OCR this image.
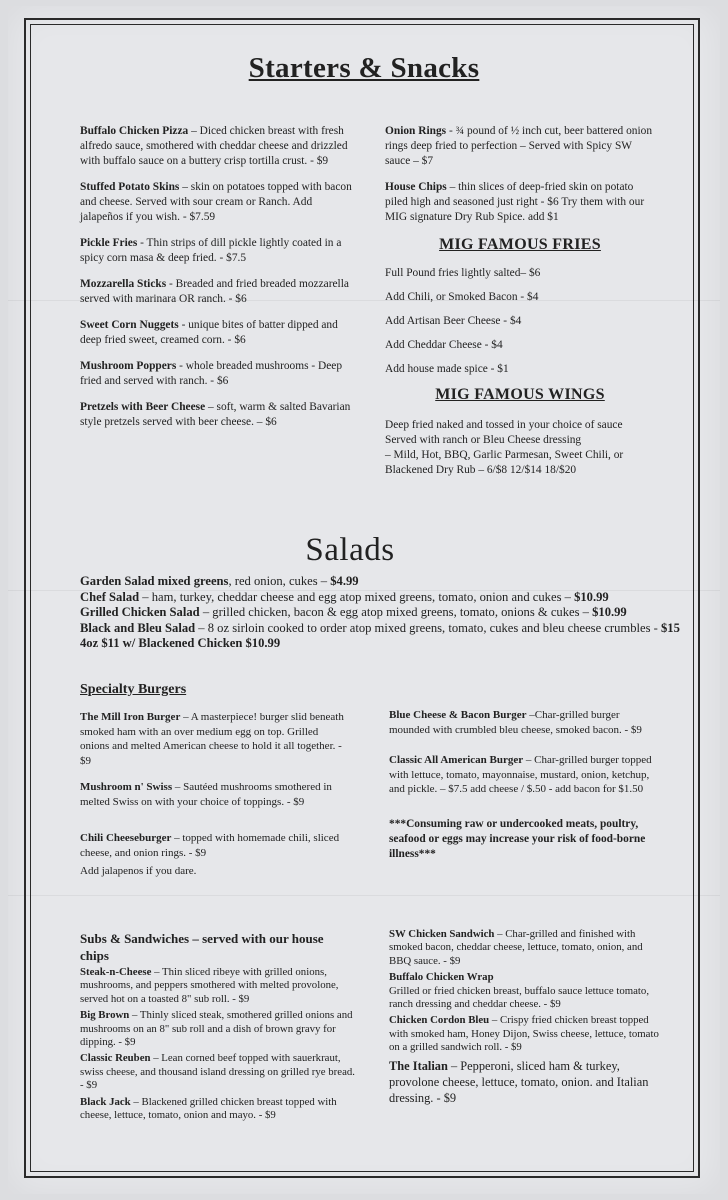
Starters & Snacks

Buffalo Chicken Pizza – Diced chicken breast with fresh alfredo sauce, smothered with cheddar cheese and drizzled with buffalo sauce on a buttery crisp tortilla crust. - $9

Stuffed Potato Skins – skin on potatoes topped with bacon and cheese. Served with sour cream or Ranch. Add jalapeños if you wish. - $7.59

Pickle Fries - Thin strips of dill pickle lightly coated in a spicy corn masa & deep fried. - $7.5

Mozzarella Sticks - Breaded and fried breaded mozzarella served with marinara OR ranch. - $6

Sweet Corn Nuggets - unique bites of batter dipped and deep fried sweet, creamed corn. - $6

Mushroom Poppers - whole breaded mushrooms - Deep fried and served with ranch. - $6

Pretzels with Beer Cheese – soft, warm & salted Bavarian style pretzels served with beer cheese. – $6

Onion Rings - ¾ pound of ½ inch cut, beer battered onion rings deep fried to perfection – Served with Spicy SW sauce – $7

House Chips – thin slices of deep-fried skin on potato piled high and seasoned just right - $6 Try them with our MIG signature Dry Rub Spice. add $1

MIG FAMOUS FRIES

Full Pound fries lightly salted– $6

Add Chili, or Smoked Bacon - $4

Add Artisan Beer Cheese - $4

Add Cheddar Cheese - $4

Add house made spice - $1

MIG FAMOUS WINGS
Deep fried naked and tossed in your choice of sauce
Served with ranch or Bleu Cheese dressing
– Mild, Hot, BBQ, Garlic Parmesan, Sweet Chili, or
Blackened Dry Rub – 6/$8 12/$14 18/$20
Salads
Garden Salad mixed greens, red onion, cukes – $4.99
Chef Salad – ham, turkey, cheddar cheese and egg atop mixed greens, tomato, onion and cukes – $10.99
Grilled Chicken Salad – grilled chicken, bacon & egg atop mixed greens, tomato, onions & cukes – $10.99
Black and Bleu Salad – 8 oz sirloin cooked to order atop mixed greens, tomato, cukes and bleu cheese crumbles - $15 4oz $11 w/ Blackened Chicken $10.99
Specialty Burgers

The Mill Iron Burger – A masterpiece! burger slid beneath smoked ham with an over medium egg on top. Grilled onions and melted American cheese to hold it all together. - $9

Mushroom n' Swiss – Sautéed mushrooms smothered in melted Swiss on with your choice of toppings. - $9

Chili Cheeseburger – topped with homemade chili, sliced cheese, and onion rings. - $9

Add jalapenos if you dare.

Blue Cheese & Bacon Burger –Char-grilled burger mounded with crumbled bleu cheese, smoked bacon. - $9

Classic All American Burger – Char-grilled burger topped with lettuce, tomato, mayonnaise, mustard, onion, ketchup, and pickle. – $7.5 add cheese / $.50 - add bacon for $1.50

***Consuming raw or undercooked meats, poultry, seafood or eggs may increase your risk of food-borne illness***

Subs & Sandwiches – served with our house chips

Steak-n-Cheese – Thin sliced ribeye with grilled onions, mushrooms, and peppers smothered with melted provolone, served hot on a toasted 8" sub roll. - $9

Big Brown – Thinly sliced steak, smothered grilled onions and mushrooms on an 8" sub roll and a dish of brown gravy for dipping. - $9

Classic Reuben – Lean corned beef topped with sauerkraut, swiss cheese, and thousand island dressing on grilled rye bread. - $9

Black Jack – Blackened grilled chicken breast topped with cheese, lettuce, tomato, onion and mayo. - $9

SW Chicken Sandwich – Char-grilled and finished with smoked bacon, cheddar cheese, lettuce, tomato, onion, and BBQ sauce. - $9

Buffalo Chicken Wrap
Grilled or fried chicken breast, buffalo sauce lettuce tomato, ranch dressing and cheddar cheese. - $9

Chicken Cordon Bleu – Crispy fried chicken breast topped with smoked ham, Honey Dijon, Swiss cheese, lettuce, tomato on a grilled sandwich roll. - $9

The Italian – Pepperoni, sliced ham & turkey, provolone cheese, lettuce, tomato, onion. and Italian dressing. - $9
